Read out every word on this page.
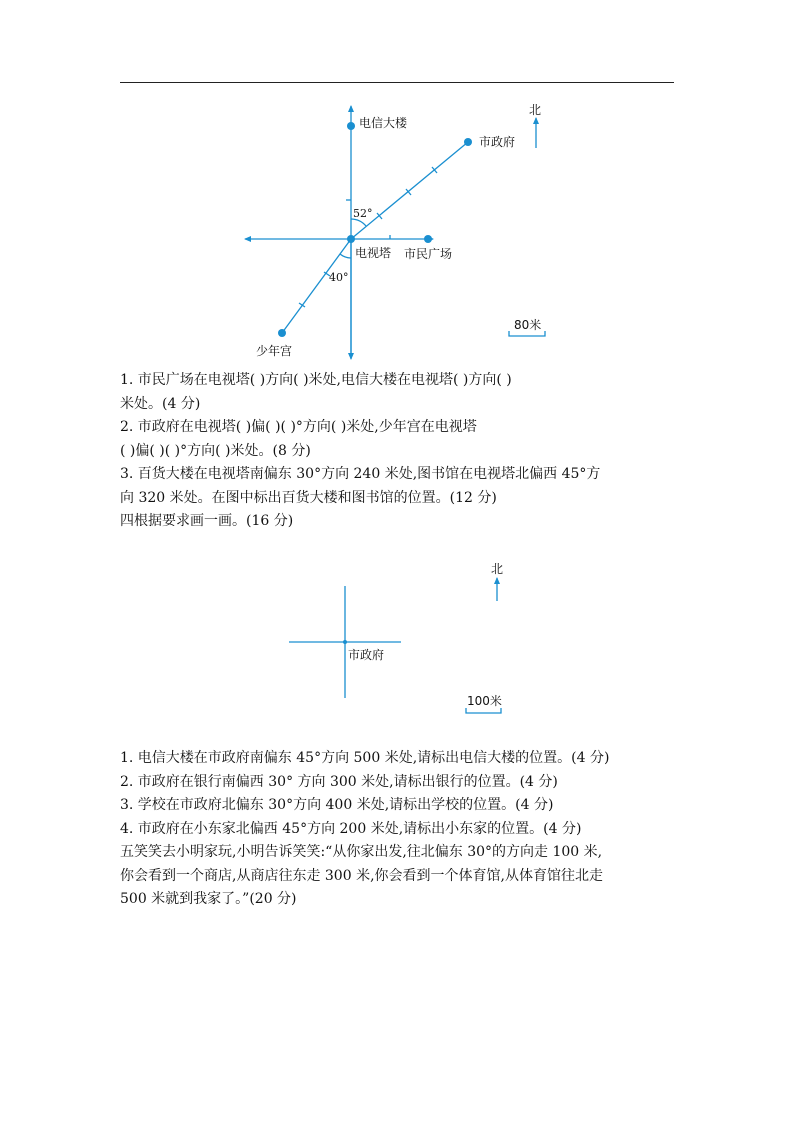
电信大楼
市政府
电视塔 市民广场
少年宫
52°
40°
北
80米

1. 市民广场在电视塔( )方向( )米处,电信大楼在电视塔( )方向( )

米处。(4 分)

2. 市政府在电视塔( )偏( )( )°方向( )米处,少年宫在电视塔

( )偏( )( )°方向( )米处。(8 分)

3. 百货大楼在电视塔南偏东 30°方向 240 米处,图书馆在电视塔北偏西 45°方

向 320 米处。在图中标出百货大楼和图书馆的位置。(12 分)

四根据要求画一画。(16 分)

市政府
北
100米

1. 电信大楼在市政府南偏东 45°方向 500 米处,请标出电信大楼的位置。(4 分)

2. 市政府在银行南偏西 30° 方向 300 米处,请标出银行的位置。(4 分)

3. 学校在市政府北偏东 30°方向 400 米处,请标出学校的位置。(4 分)

4. 市政府在小东家北偏西 45°方向 200 米处,请标出小东家的位置。(4 分)

五笑笑去小明家玩,小明告诉笑笑:“从你家出发,往北偏东 30°的方向走 100 米,

你会看到一个商店,从商店往东走 300 米,你会看到一个体育馆,从体育馆往北走

500 米就到我家了。”(20 分)
